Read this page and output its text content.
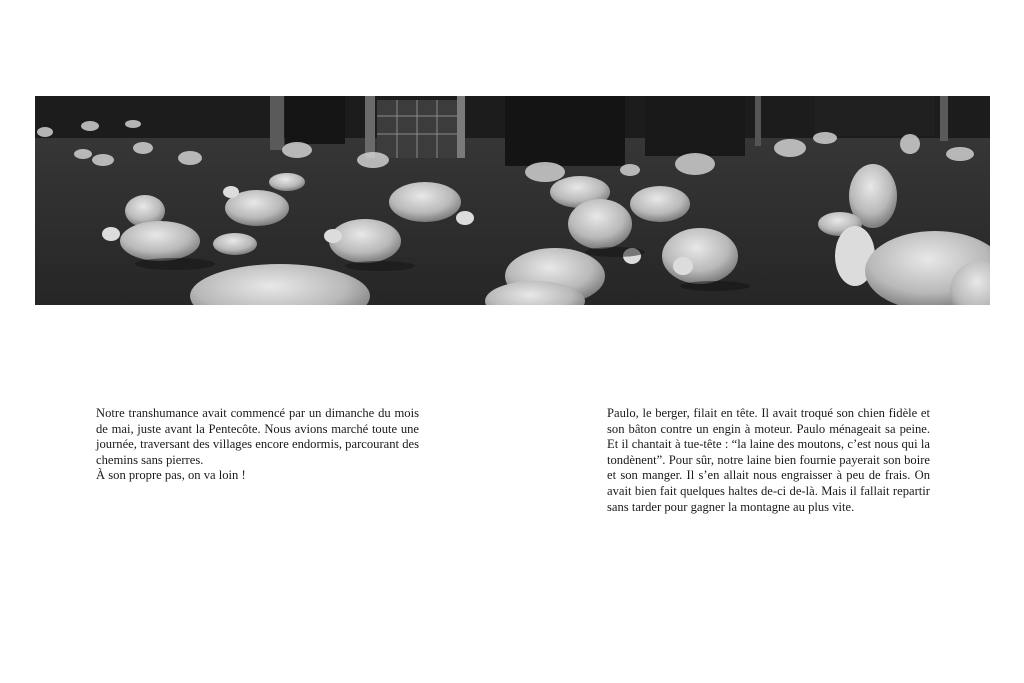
Notre transhumance avait commencé par un dimanche du mois de mai, juste avant la Pentecôte. Nous avions marché toute une journée, traversant des villages encore endormis, parcourant des chemins sans pierres.

À son propre pas, on va loin !

Paulo, le berger, filait en tête. Il avait troqué son chien fidèle et son bâton contre un engin à moteur. Paulo ménageait sa peine. Et il chantait à tue-tête : “la laine des moutons, c’est nous qui la tondènent”. Pour sûr, notre laine bien fournie payerait son boire et son manger. Il s’en allait nous engraisser à peu de frais. On avait bien fait quelques haltes de-ci de-là. Mais il fallait repartir sans tarder pour gagner la montagne au plus vite.
